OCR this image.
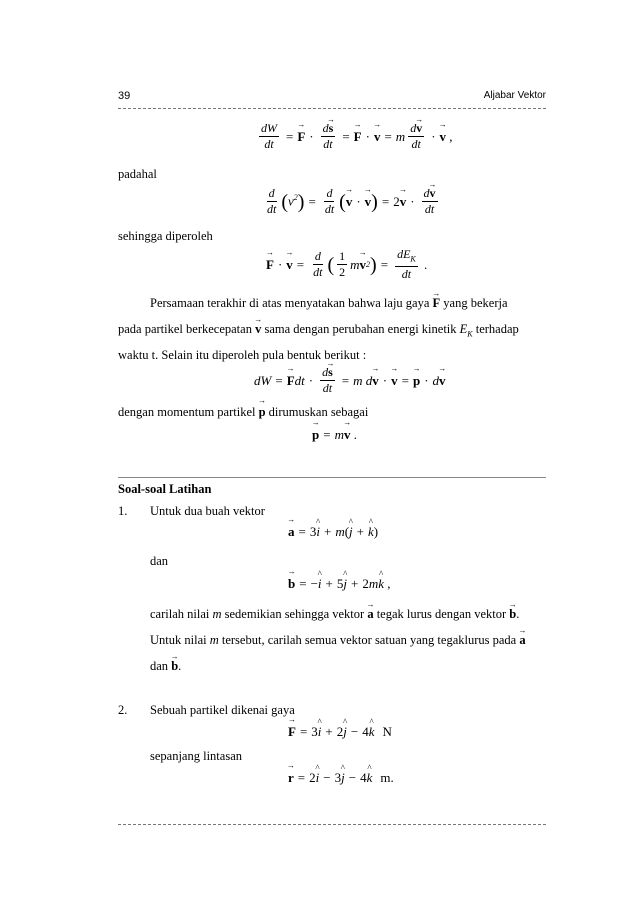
39	Aljabar Vektor
$\frac{dW}{dt}$ =
→ $F \cdot \frac{d\to s}{dt}$ =
→ F ·
→ v = m $\frac{d\to v}{dt}$ ·
→ v ,
padahal
$\frac{d}{dt}$ ( $v^2$ ) = $\frac{d}{dt}$ (
→ v ·
→ v ) = 2
→ $v \cdot \frac{d\to v}{dt}$
sehingga diperoleh
→ F ·
→ $v = \frac{d}{dt}$ ( $\frac{1}{2}$ m
→ v 2 ) = $\frac{dE_K}{dt}$ .
Persamaan terakhir di atas menyatakan bahwa laju gaya → F yang bekerja
pada partikel berkecepatan → v sama dengan perubahan energi kinetik $E_K$ terhadap
waktu t. Selain itu diperoleh pula bentuk berikut :
dW =
→ F dt · $\frac{d\to s}{dt} = m$ d
→ v ·
→ v =
→ p · d
→ v
dengan momentum partikel → p dirumuskan sebagai
→ p = m
→ v .
Soal-soal Latihan
1. Untuk dua buah vektor
→ a = 3
^ i + m (
^ j +
^ k )
dan
→ b = −
^ i + 5
^ j + 2 m
^ k ,
carilah nilai m sedemikian sehingga vektor → a tegak lurus dengan vektor → b.
Untuk nilai m tersebut, carilah semua vektor satuan yang tegaklurus pada → a
dan → b.
2. Sebuah partikel dikenai gaya
→ F = 3
^ i + 2
^ j − 4
^ k N
sepanjang lintasan
→ r = 2
^ i − 3
^ j − 4
^ k m.
